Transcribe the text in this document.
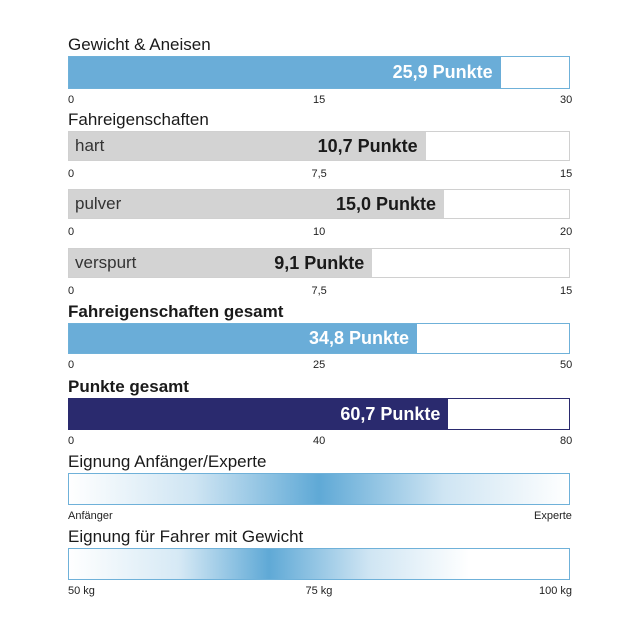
Gewicht & Aneisen
25,9 Punkte
Fahreigenschaften
hart	10,7 Punkte
pulver	15,0 Punkte
verspurt	9,1 Punkte
Fahreigenschaften gesamt
34,8 Punkte
Punkte gesamt
60,7 Punkte
Eignung Anfänger/Experte
Eignung für Fahrer mit Gewicht
0	15	30
0	7,5	15
0	10	20
0	7,5	15
0	25	50
0	40	80
Anfänger	Experte
50 kg	75 kg	100 kg
